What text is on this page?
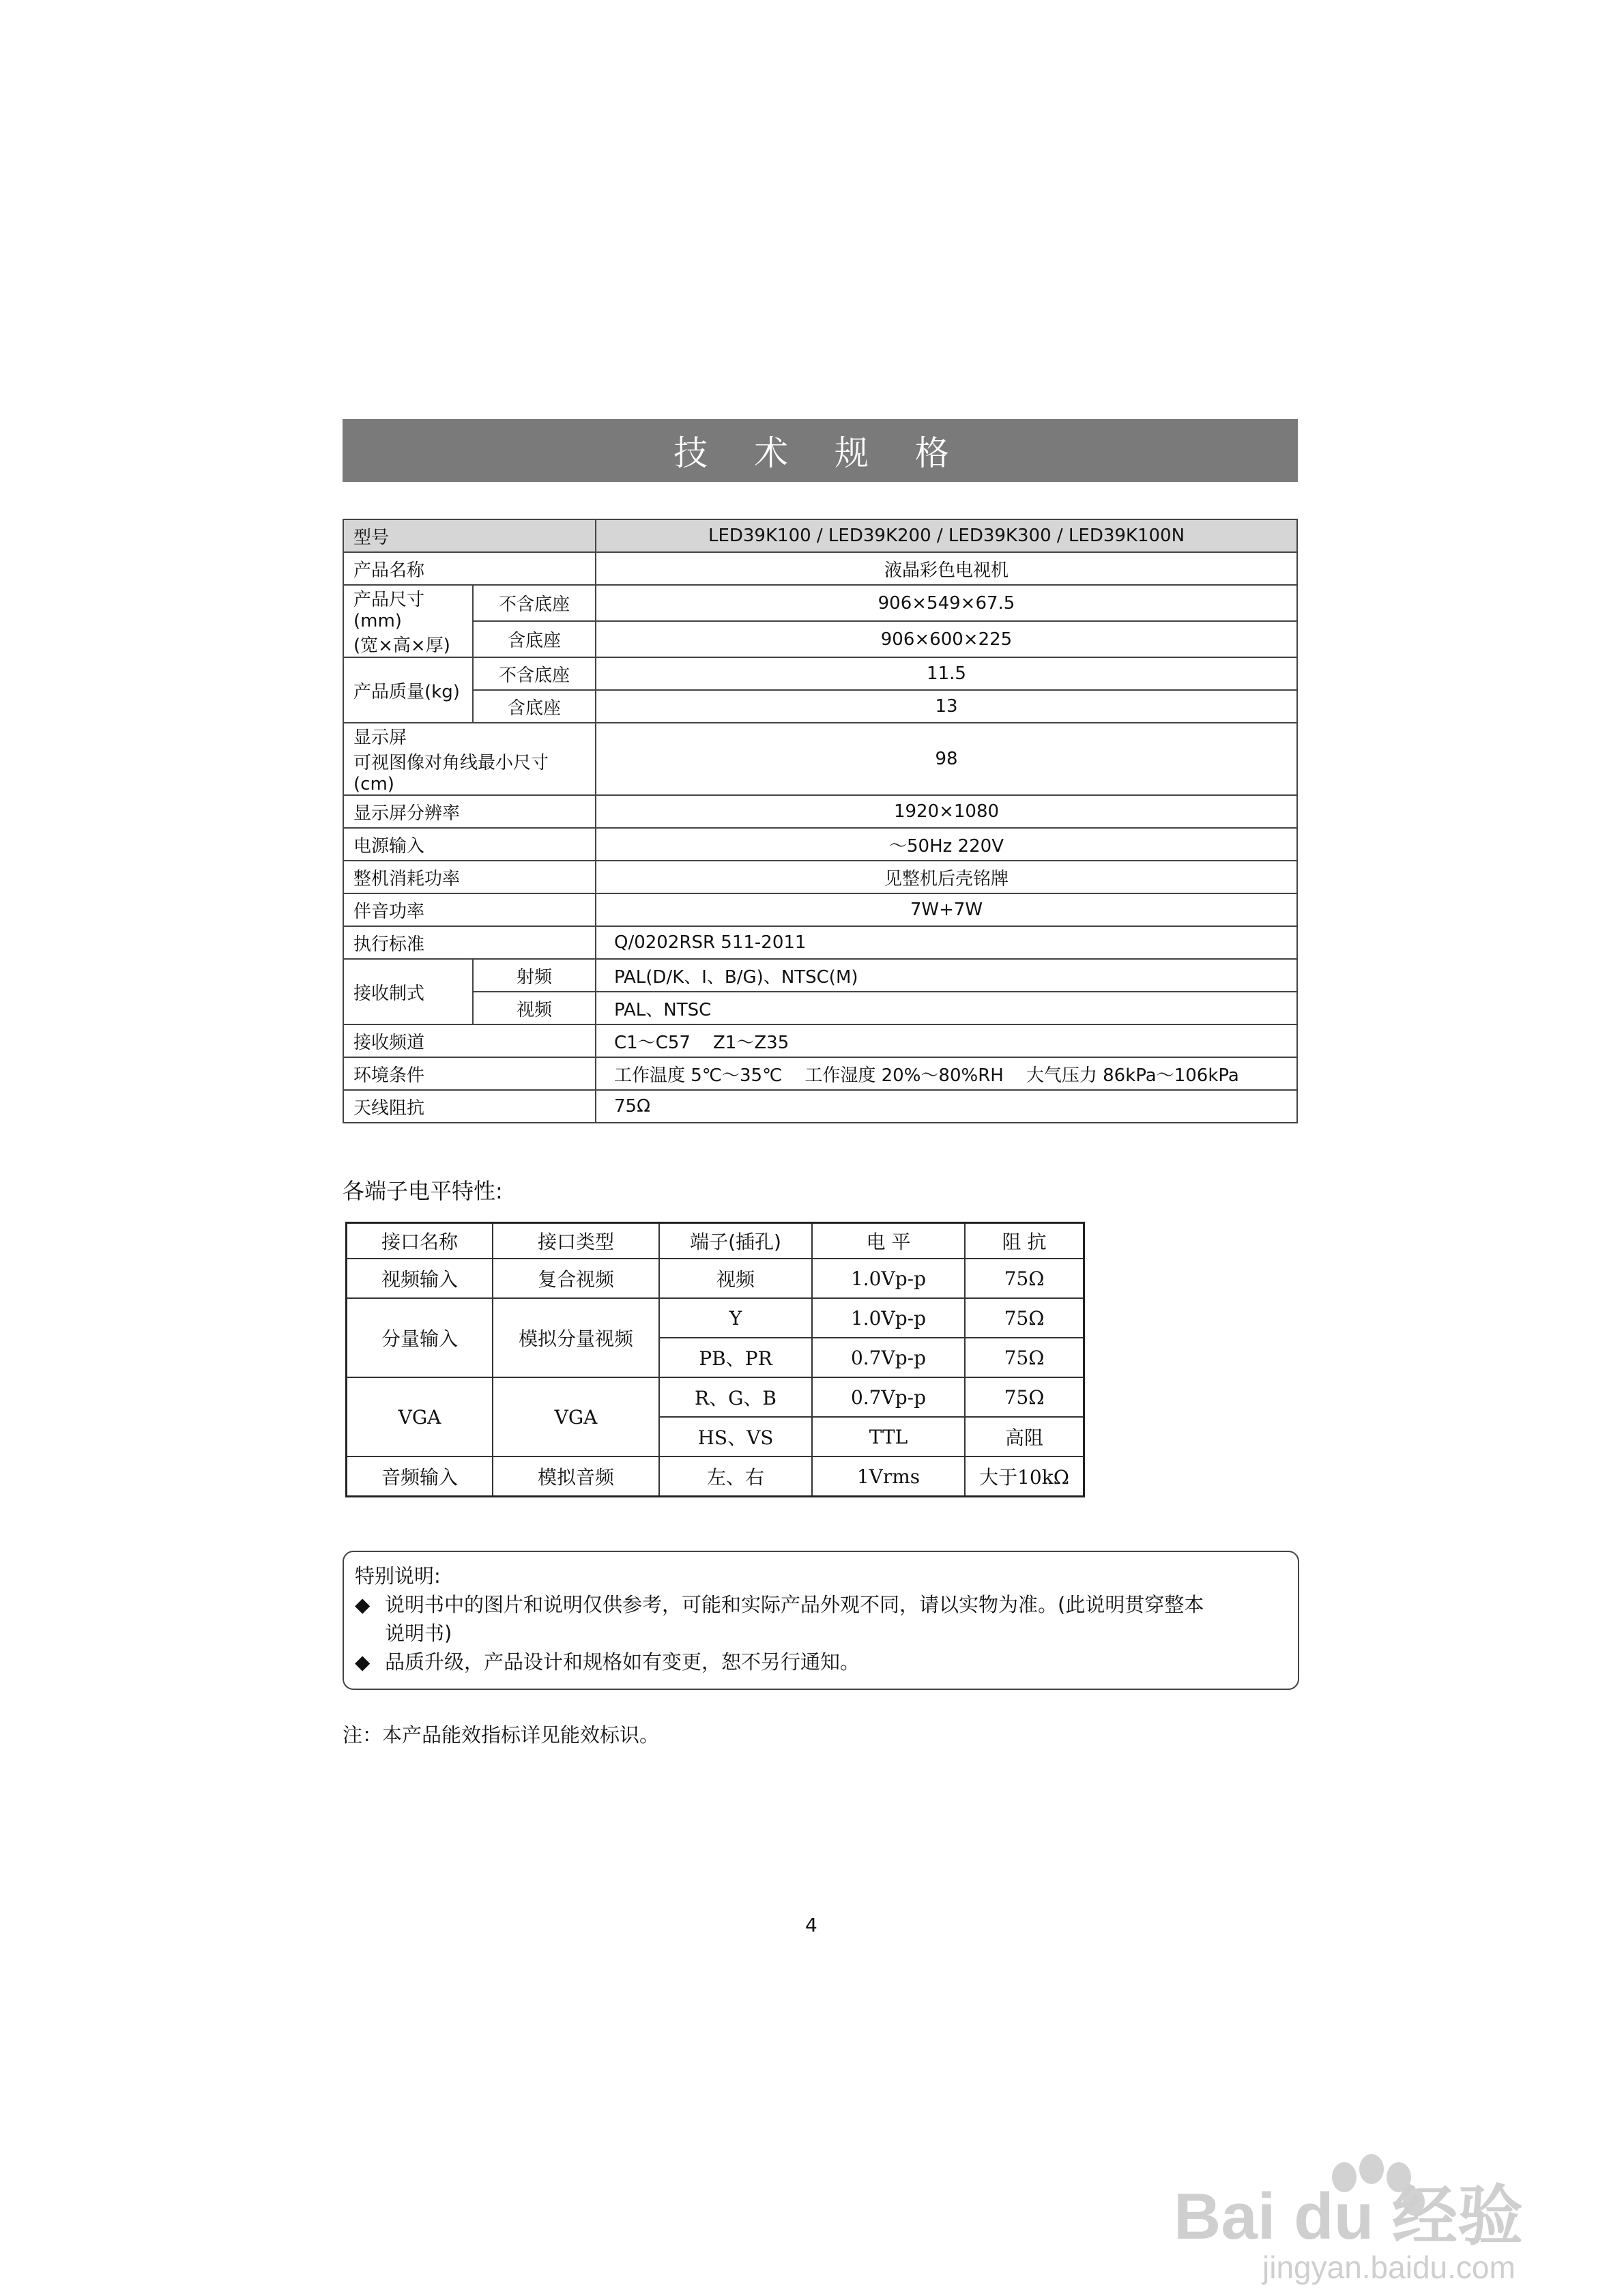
技 术 规 格
型号		LED39K100 / LED39K200 / LED39K300 / LED39K100N
产品名称		液晶彩色电视机

产品尺寸(mm)
(宽×高×厚)	不含底座	906×549×67.5
	含底座	906×600×225
产品质量(kg)	不含底座	11.5
	含底座	13

显示屏
可视图像对角线最小尺寸(cm)		98
显示屏分辨率		1920×1080
电源输入		～50Hz 220V
整机消耗功率		见整机后壳铭牌
伴音功率		7W+7W
执行标准		Q/0202RSR 511-2011
接收制式	射频	PAL(D/K、I、B/G)、NTSC(M)
	视频	PAL、NTSC
接收频道		C1～C57    Z1～Z35
环境条件		工作温度 5℃～35℃    工作湿度 20%～80%RH    大气压力 86kPa～106kPa
天线阻抗		75Ω
各端子电平特性:
接口名称	接口类型	端子(插孔)	电 平	阻 抗
视频输入	复合视频	视频	1.0Vp-p	75Ω
分量输入	模拟分量视频	Y	1.0Vp-p	75Ω
		PB、PR	0.7Vp-p	75Ω
VGA	VGA	R、G、B	0.7Vp-p	75Ω
		HS、VS	TTL	高阻
音频输入	模拟音频	左、右	1Vrms	大于10kΩ
特别说明:
◆ 说明书中的图片和说明仅供参考，可能和实际产品外观不同，请以实物为准。(此说明贯穿整本
说明书)
◆ 品质升级，产品设计和规格如有变更，恕不另行通知。
注：本产品能效指标详见能效标识。
4
Bai du 经验
jingyan.baidu.com
